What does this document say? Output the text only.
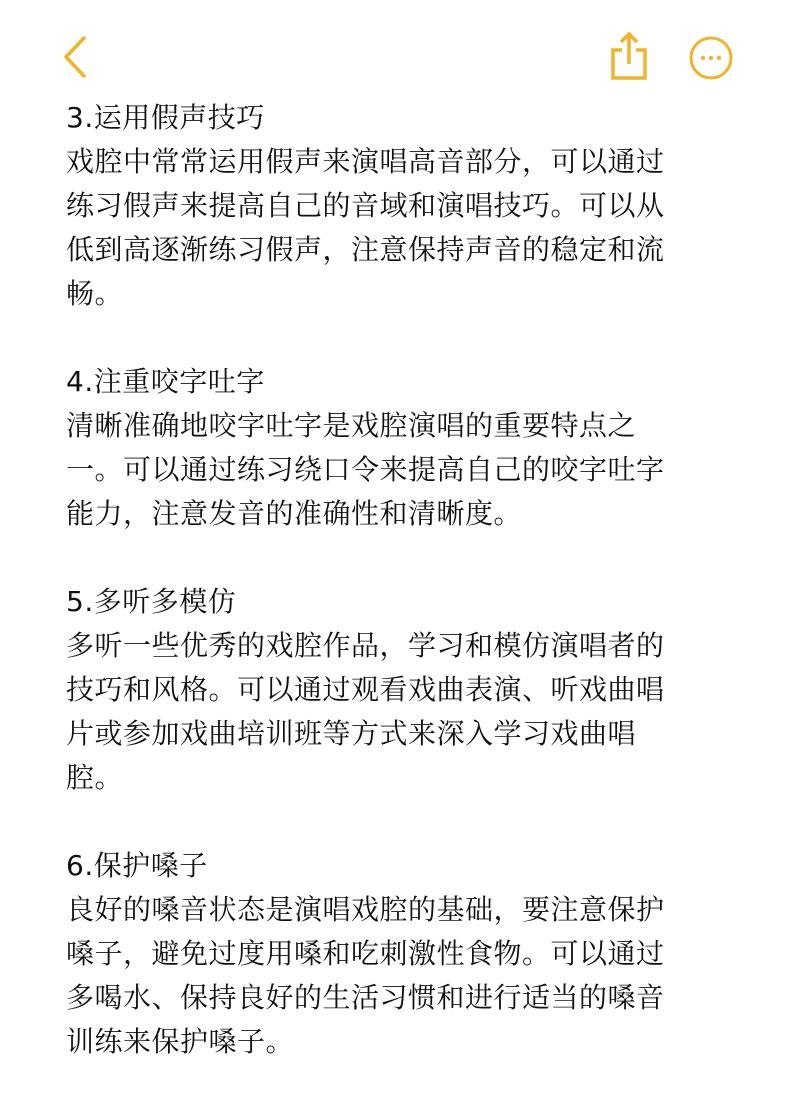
3.运用假声技巧

戏腔中常常运用假声来演唱高音部分，可以通过

练习假声来提高自己的音域和演唱技巧。可以从

低到高逐渐练习假声，注意保持声音的稳定和流

畅。

4.注重咬字吐字

清晰准确地咬字吐字是戏腔演唱的重要特点之

一。可以通过练习绕口令来提高自己的咬字吐字

能力，注意发音的准确性和清晰度。

5.多听多模仿

多听一些优秀的戏腔作品，学习和模仿演唱者的

技巧和风格。可以通过观看戏曲表演、听戏曲唱

片或参加戏曲培训班等方式来深入学习戏曲唱

腔。

6.保护嗓子

良好的嗓音状态是演唱戏腔的基础，要注意保护

嗓子，避免过度用嗓和吃刺激性食物。可以通过

多喝水、保持良好的生活习惯和进行适当的嗓音

训练来保护嗓子。
